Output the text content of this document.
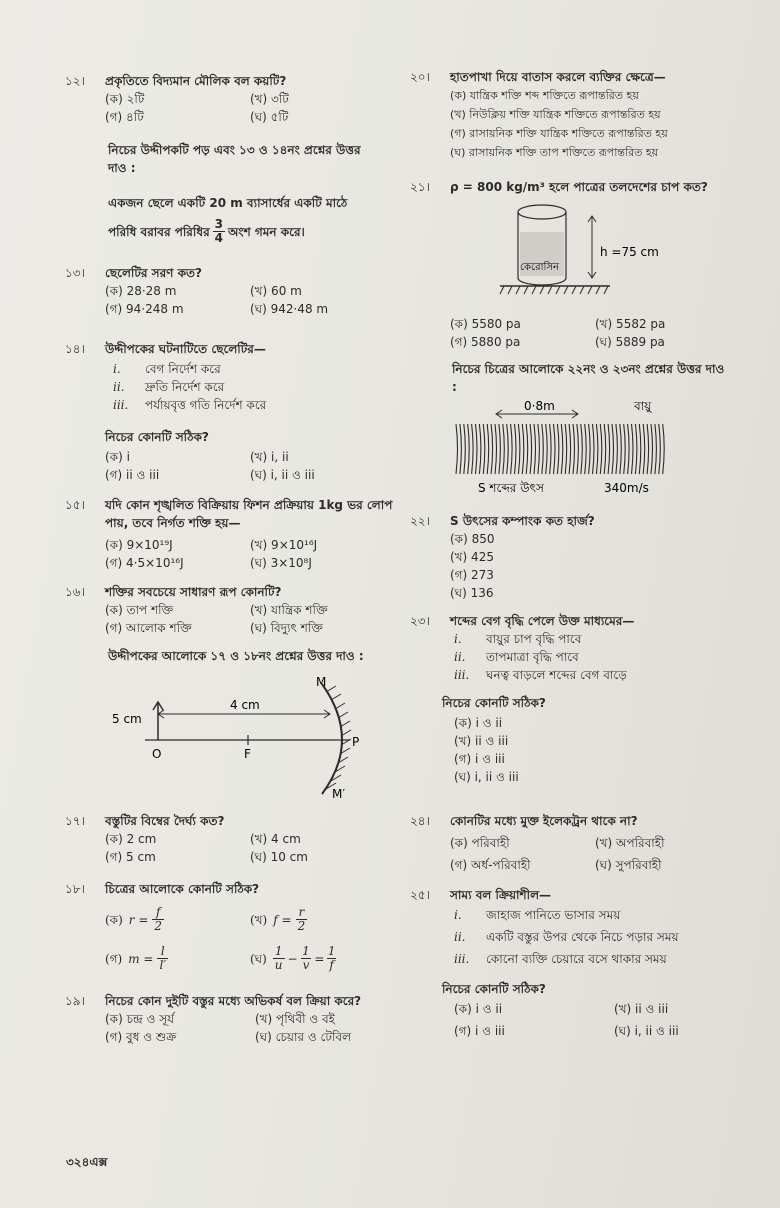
১২।	প্রকৃতিতে বিদ্যমান মৌলিক বল কয়টি?
(ক) ২টি	(খ) ৩টি
(গ) ৪টি	(ঘ) ৫টি
নিচের উদ্দীপকটি পড় এবং ১৩ ও ১৪নং প্রশ্নের উত্তর দাও :
একজন ছেলে একটি 20 m ব্যাসার্ধের একটি মাঠে
পরিধি বরাবর পরিধির $\frac{3}{4}$ অংশ গমন করে।
১৩।	ছেলেটির সরণ কত?
(ক) 28·28 m	(খ) 60 m
(গ) 94·248 m	(ঘ) 942·48 m
১৪।	উদ্দীপকের ঘটনাটিতে ছেলেটির—
i.	বেগ নির্দেশ করে
ii.	দ্রুতি নির্দেশ করে
iii.	পর্যায়বৃত্ত গতি নির্দেশ করে
নিচের কোনটি সঠিক?
(ক) i	(খ) i, ii
(গ) ii ও iii	(ঘ) i, ii ও iii
১৫।	যদি কোন শৃঙ্খলিত বিক্রিয়ায় ফিশন প্রক্রিয়ায় 1kg ভর লোপ পায়, তবে নির্গত শক্তি হয়—
(ক) 9×10¹⁹J	(খ) 9×10¹⁶J
(গ) 4·5×10¹⁶J	(ঘ) 3×10⁸J
১৬।	শক্তির সবচেয়ে সাধারণ রূপ কোনটি?
(ক) তাপ শক্তি	(খ) যান্ত্রিক শক্তি
(গ) আলোক শক্তি	(ঘ) বিদ্যুৎ শক্তি
উদ্দীপকের আলোকে ১৭ ও ১৮নং প্রশ্নের উত্তর দাও :
5 cm
4 cm
O	F
P
M
M′
১৭।	বস্তুটির বিম্বের দৈর্ঘ্য কত?
(ক) 2 cm	(খ) 4 cm
(গ) 5 cm	(ঘ) 10 cm
১৮।	চিত্রের আলোকে কোনটি সঠিক?
(ক) $r = \frac{f}{2}$	(খ) $f = \frac{r}{2}$
(গ) $m = \frac{l}{l'}$	(ঘ) $\frac{1}{u} - \frac{1}{v} = \frac{1}{f}$
১৯।	নিচের কোন দুইটি বস্তুর মধ্যে অভিকর্ষ বল ক্রিয়া করে?
(ক) চন্দ্র ও সূর্য	(খ) পৃথিবী ও বই
(গ) বুধ ও শুক্র	(ঘ) চেয়ার ও টেবিল
৩২৪এক্স
২০।	হাতপাখা দিয়ে বাতাস করলে ব্যক্তির ক্ষেত্রে—
(ক) যান্ত্রিক শক্তি শব্দ শক্তিতে রূপান্তরিত হয়
(খ) নিউক্লিয় শক্তি যান্ত্রিক শক্তিতে রূপান্তরিত হয়
(গ) রাসায়নিক শক্তি যান্ত্রিক শক্তিতে রূপান্তরিত হয়
(ঘ) রাসায়নিক শক্তি তাপ শক্তিতে রূপান্তরিত হয়
২১।	ρ = 800 kg/m³ হলে পাত্রের তলদেশের চাপ কত?
কেরোসিন
h =75 cm
(ক) 5580 pa	(খ) 5582 pa
(গ) 5880 pa	(ঘ) 5889 pa
নিচের চিত্রের আলোকে ২২নং ও ২৩নং প্রশ্নের উত্তর দাও :
0·8m	বায়ু
S শব্দের উৎস	340m/s
২২।	S উৎসের কম্পাংক কত হার্জ?
(ক) 850
(খ) 425
(গ) 273
(ঘ) 136
২৩।	শব্দের বেগ বৃদ্ধি পেলে উক্ত মাধ্যমের—
i.	বায়ুর চাপ বৃদ্ধি পাবে
ii.	তাপমাত্রা বৃদ্ধি পাবে
iii.	ঘনত্ব বাড়লে শব্দের বেগ বাড়ে
নিচের কোনটি সঠিক?
(ক) i ও ii
(খ) ii ও iii
(গ) i ও iii
(ঘ) i, ii ও iii
২৪।	কোনটির মধ্যে মুক্ত ইলেকট্রন থাকে না?
(ক) পরিবাহী	(খ) অপরিবাহী
(গ) অর্ধ-পরিবাহী	(ঘ) সুপরিবাহী
২৫।	সাম্য বল ক্রিয়াশীল—
i.	জাহাজ পানিতে ভাসার সময়
ii.	একটি বস্তুর উপর থেকে নিচে পড়ার সময়
iii.	কোনো ব্যক্তি চেয়ারে বসে থাকার সময়
নিচের কোনটি সঠিক?
(ক) i ও ii	(খ) ii ও iii
(গ) i ও iii	(ঘ) i, ii ও iii
